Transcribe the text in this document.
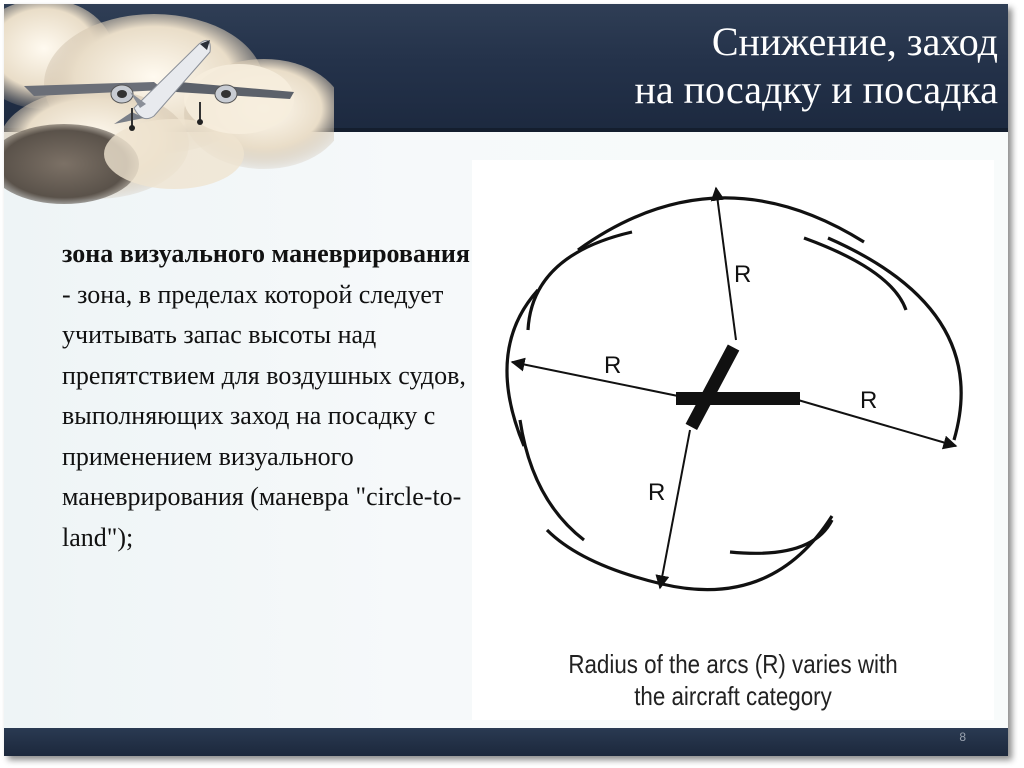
Снижение, заход
на посадку и посадка
зона визуального маневрирования - зона, в пределах которой следует учитывать запас высоты над препятствием для воздушных судов, выполняющих заход на посадку с применением визуального маневрирования (маневра "circle-to-land");
R
R
R
R
Radius of the arcs (R) varies with
the aircraft category
8
